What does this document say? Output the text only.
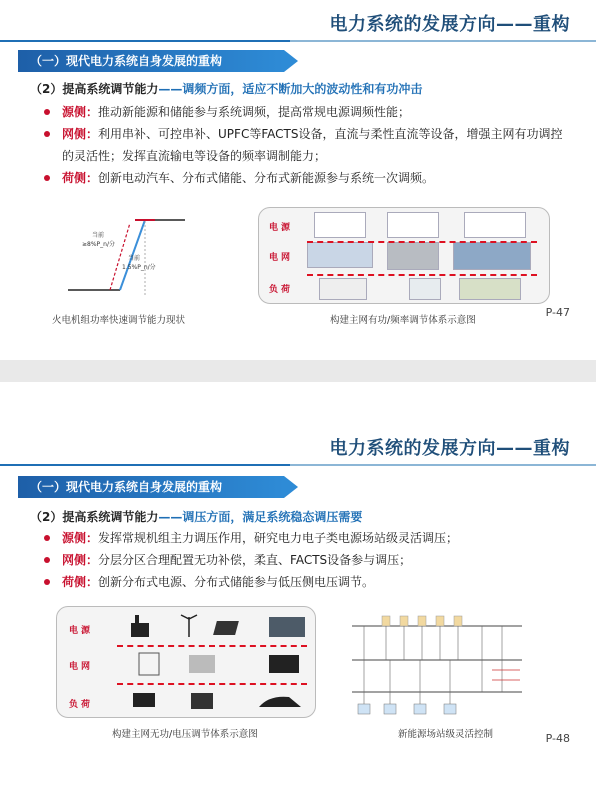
电力系统的发展方向——重构
（一）现代电力系统自身发展的重构
（2）提高系统调节能力——调频方面，适应不断加大的波动性和有功冲击
源侧：推动新能源和储能参与系统调频，提高常规电源调频性能；
网侧：利用串补、可控串补、UPFC等FACTS设备，直流与柔性直流等设备，增强主网有功调控的灵活性；发挥直流输电等设备的频率调制能力；
荷侧：创新电动汽车、分布式储能、分布式新能源参与系统一次调频。
当前
≥8%P_n/分
当前
1.5%P_n/分
火电机组功率快速调节能力现状
电源
电网
负荷
构建主网有功/频率调节体系示意图
P-47
电力系统的发展方向——重构
（一）现代电力系统自身发展的重构
（2）提高系统调节能力——调压方面，满足系统稳态调压需要
源侧：发挥常规机组主力调压作用，研究电力电子类电源场站级灵活调压；
网侧：分层分区合理配置无功补偿，柔直、FACTS设备参与调压；
荷侧：创新分布式电源、分布式储能参与低压侧电压调节。
电源
电网
负荷
构建主网无功/电压调节体系示意图	新能源场站级灵活控制	P-48
